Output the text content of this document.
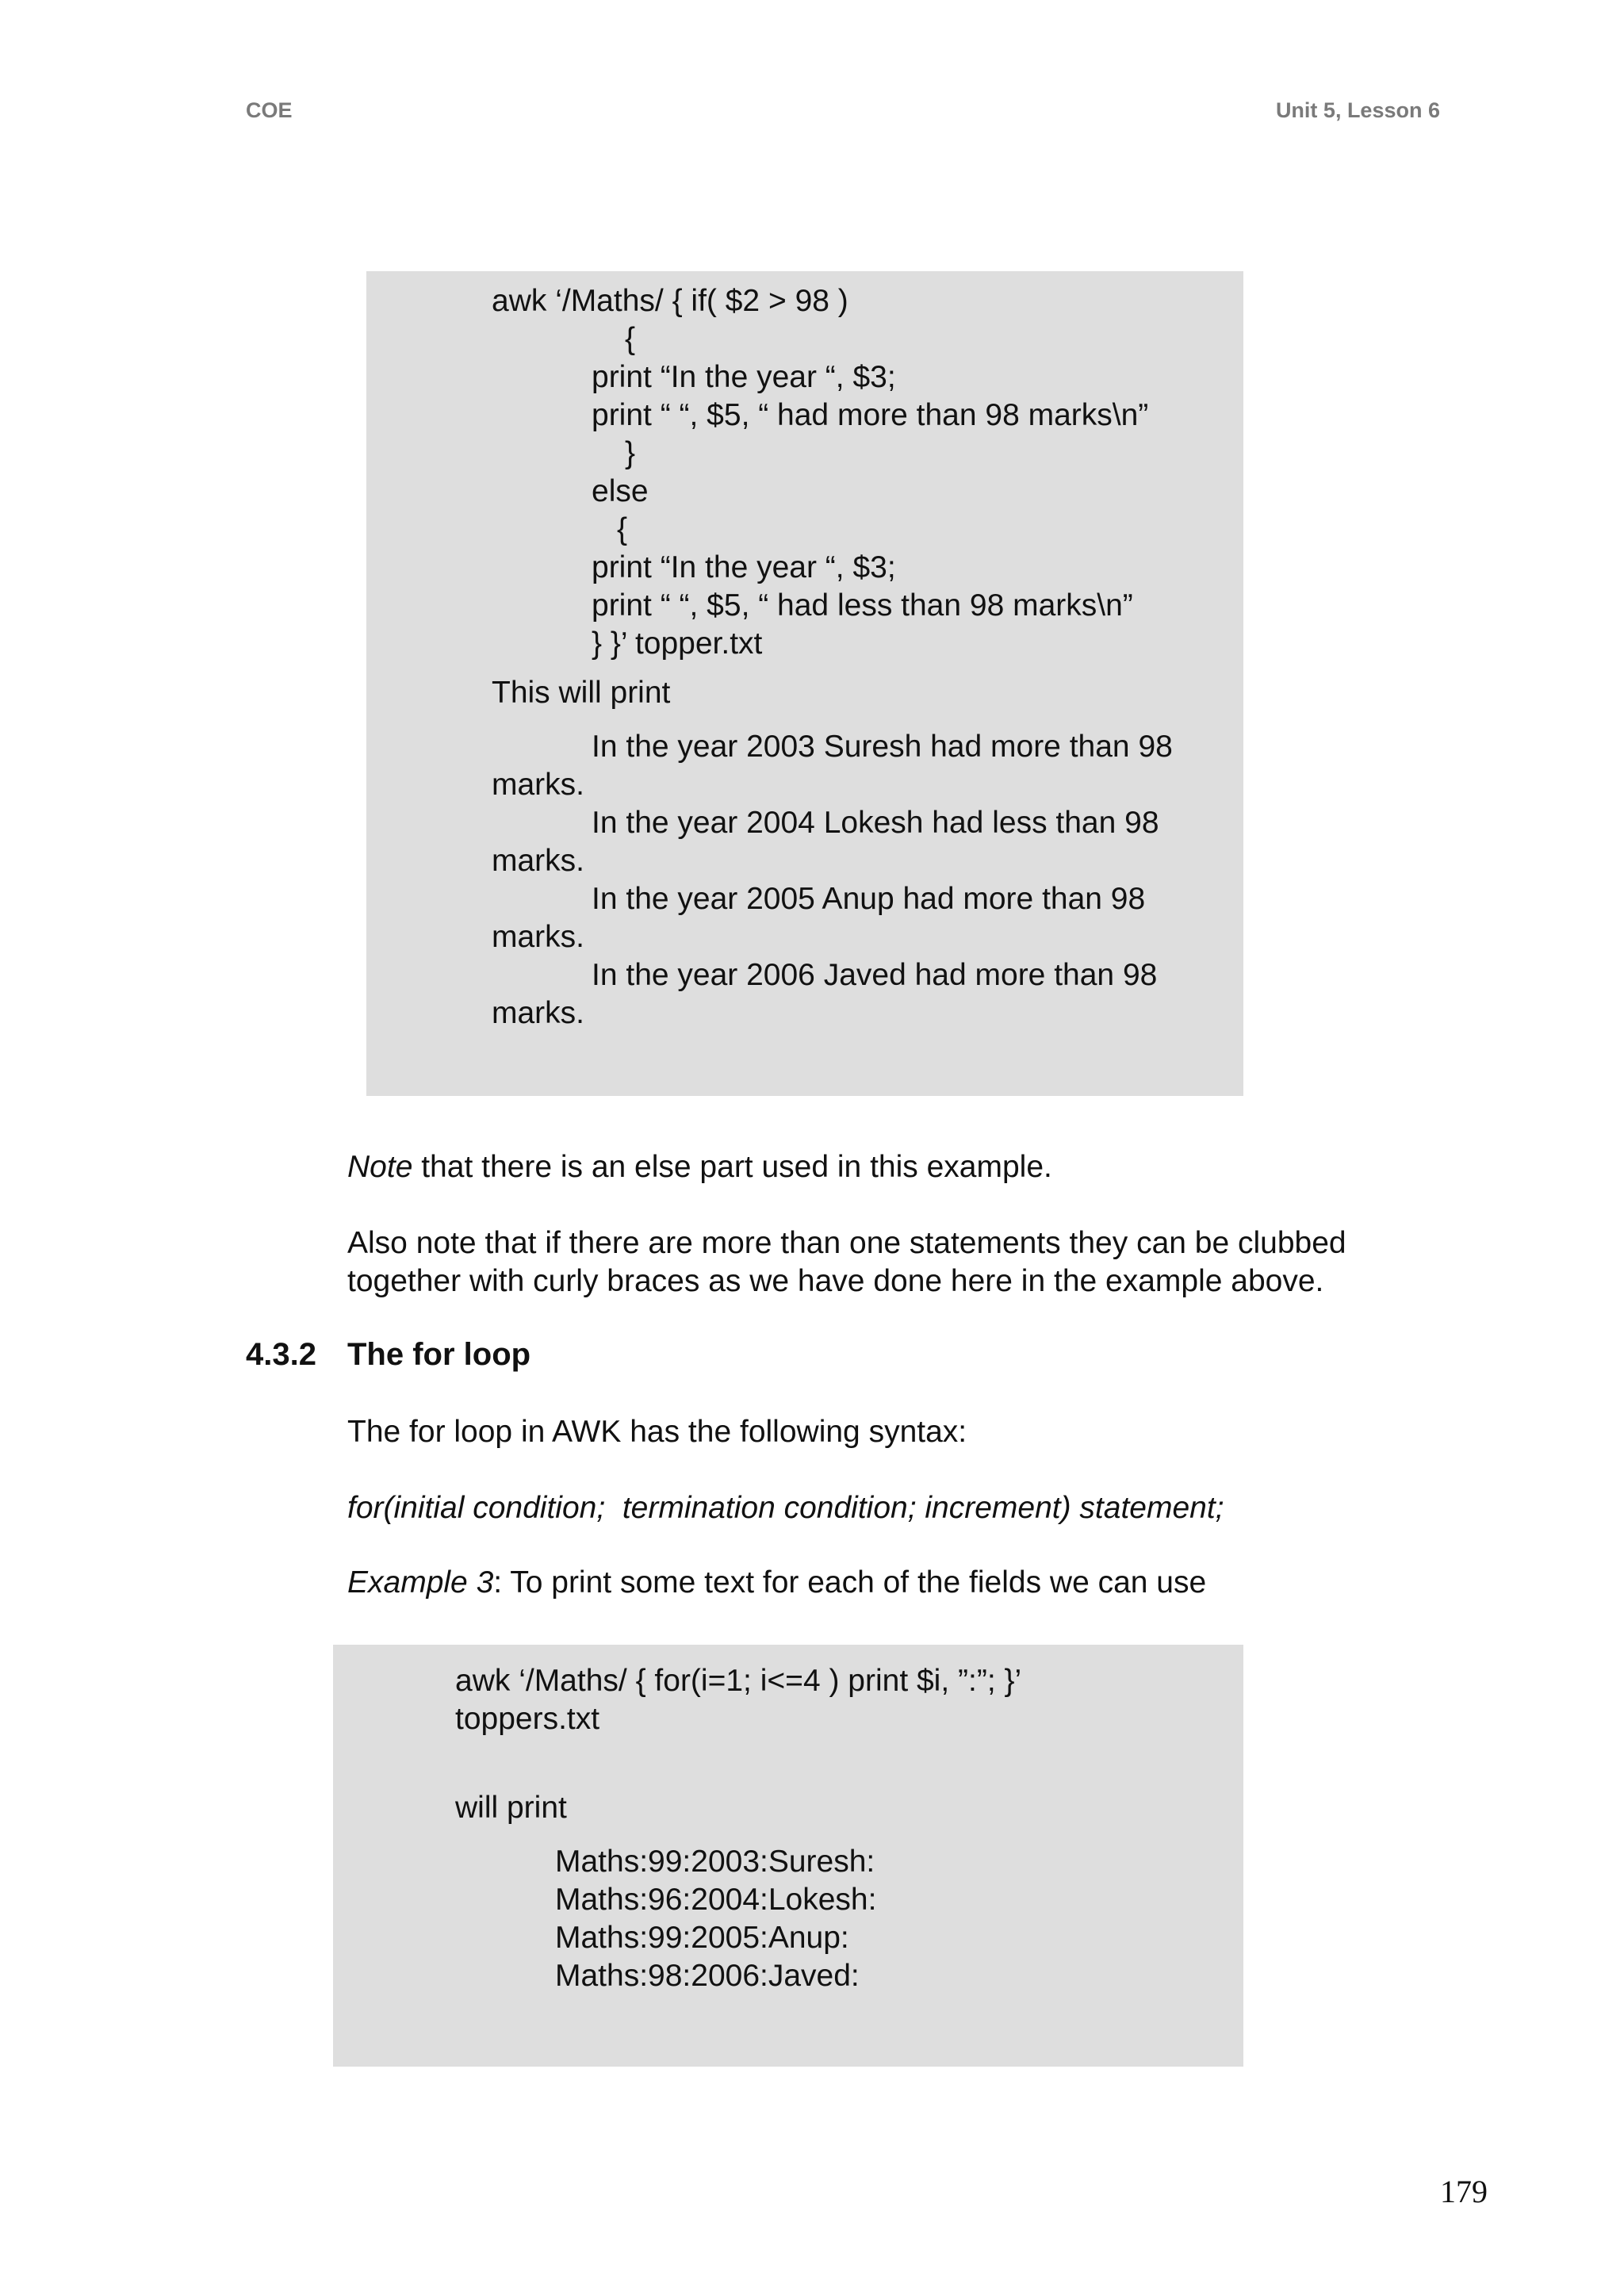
COE	Unit 5, Lesson 6

awk ‘/Maths/ { if( $2 > 98 )

{

print “In the year “, $3;

print “ “, $5, “ had more than 98 marks\n”

}

else

{

print “In the year “, $3;

print “ “, $5, “ had less than 98 marks\n”

} }’ topper.txt

This will print

In the year 2003 Suresh had more than 98

marks.

In the year 2004 Lokesh had less than 98

marks.

In the year 2005 Anup had more than 98

marks.

In the year 2006 Javed had more than 98

marks.

Note that there is an else part used in this example.

Also note that if there are more than one statements they can be clubbed

together with curly braces as we have done here in the example above.

4.3.2 The for loop

The for loop in AWK has the following syntax:

for(initial condition;  termination condition; increment) statement;

Example 3: To print some text for each of the fields we can use

awk ‘/Maths/ { for(i=1; i<=4 ) print $i, ”:”; }’

toppers.txt

will print

Maths:99:2003:Suresh:

Maths:96:2004:Lokesh:

Maths:99:2005:Anup:

Maths:98:2006:Javed:

179
